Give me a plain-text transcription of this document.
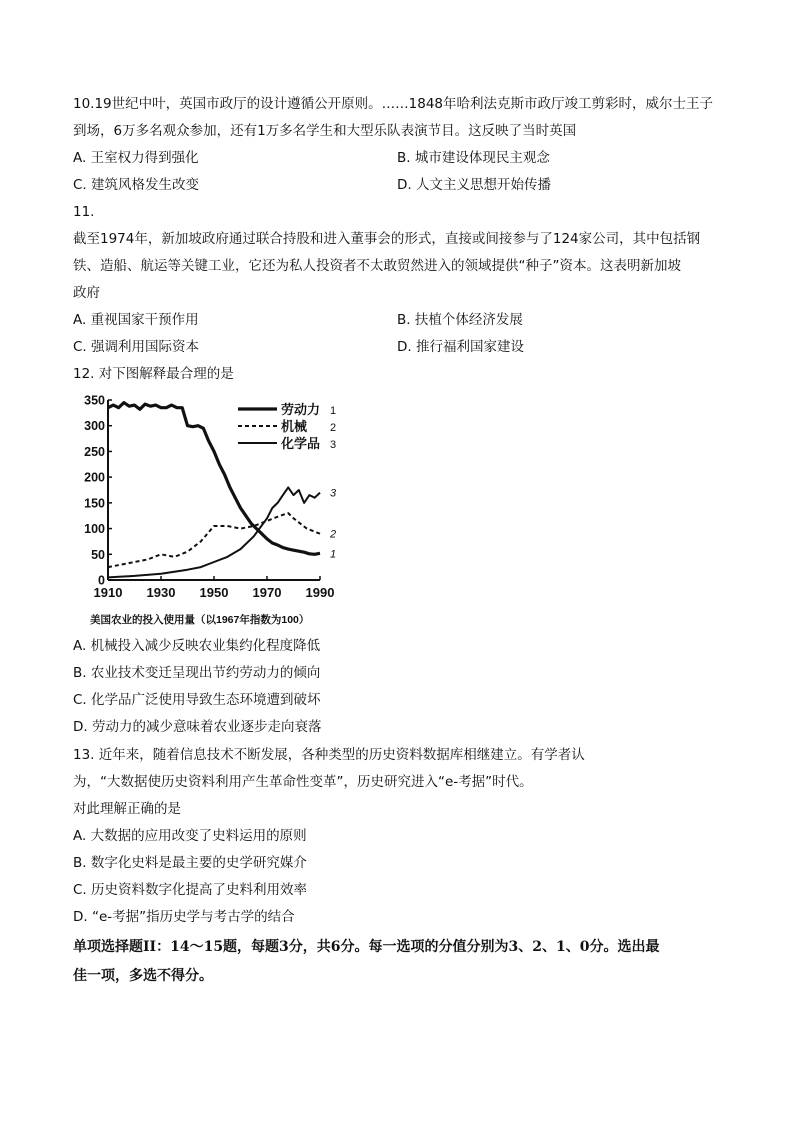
10.19世纪中叶，英国市政厅的设计遵循公开原则。……1848年哈利法克斯市政厅竣工剪彩时，威尔士王子
到场，6万多名观众参加，还有1万多名学生和大型乐队表演节目。这反映了当时英国
A. 王室权力得到强化	B. 城市建设体现民主观念
C. 建筑风格发生改变	D. 人文主义思想开始传播
11.
截至1974年，新加坡政府通过联合持股和进入董事会的形式，直接或间接参与了124家公司，其中包括钢
铁、造船、航运等关键工业，它还为私人投资者不太敢贸然进入的领域提供“种子”资本。这表明新加坡
政府
A. 重视国家干预作用	B. 扶植个体经济发展
C. 强调利用国际资本	D. 推行福利国家建设
12. 对下图解释最合理的是
0
50
100
150
200
250
300
350
1910 1930 1950 1970 1990
1
2
3
劳动力 1
机械 2
化学品 3
美国农业的投入使用量（以1967年指数为100）
A. 机械投入减少反映农业集约化程度降低
B. 农业技术变迁呈现出节约劳动力的倾向
C. 化学品广泛使用导致生态环境遭到破坏
D. 劳动力的减少意味着农业逐步走向衰落
13. 近年来，随着信息技术不断发展，各种类型的历史资料数据库相继建立。有学者认
为，“大数据使历史资料利用产生革命性变革”，历史研究进入“e-考据”时代。
对此理解正确的是
A. 大数据的应用改变了史料运用的原则
B. 数字化史料是最主要的史学研究媒介
C. 历史资料数字化提高了史料利用效率
D. “e-考据”指历史学与考古学的结合
单项选择题II：14～15题，每题3分，共6分。每一选项的分值分别为3、2、1、0分。选出最
佳一项，多选不得分。
